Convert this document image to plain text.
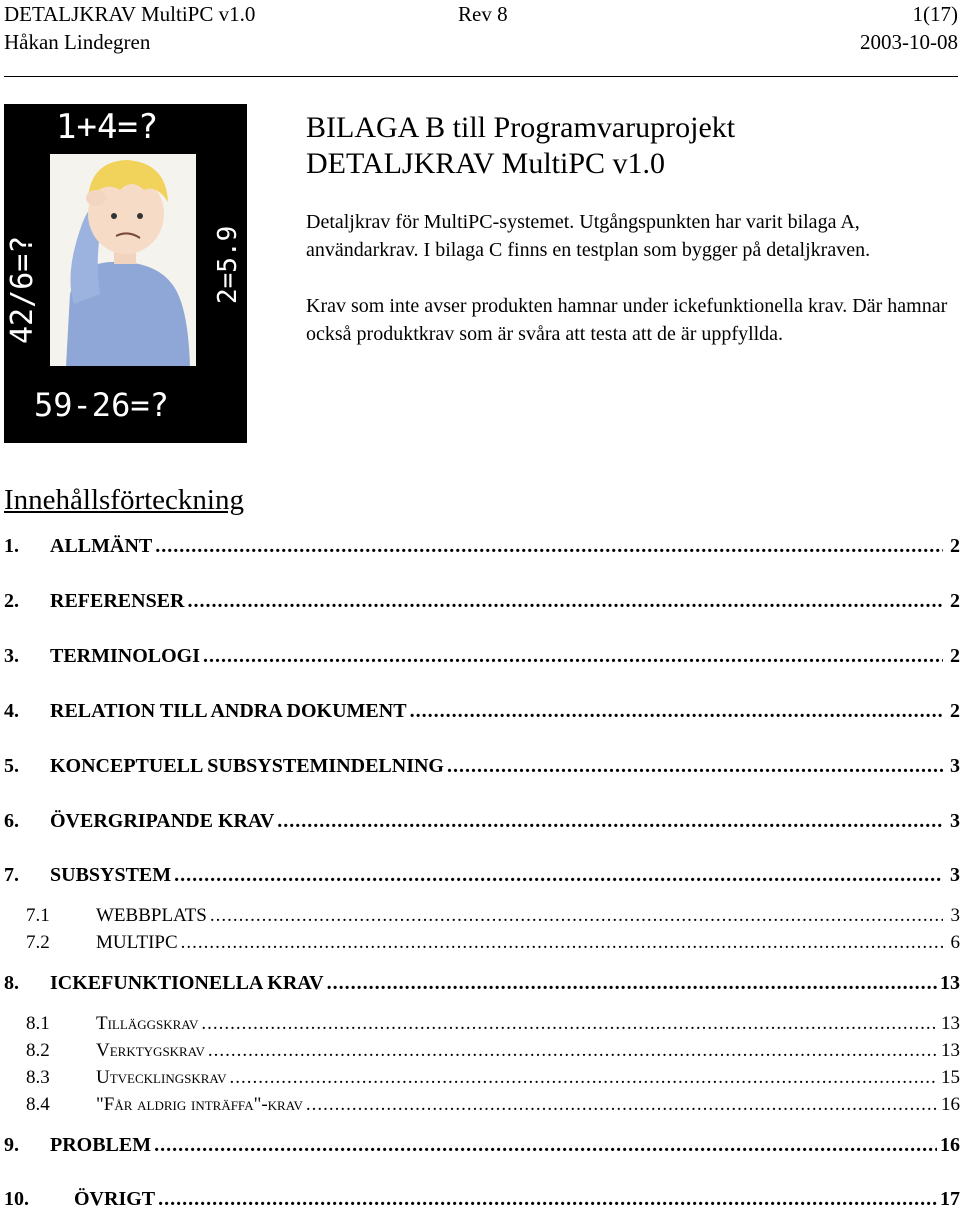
DETALJKRAV MultiPC v1.0	Rev 8	1(17)
Håkan Lindegren	2003-10-08
1+4=?
42/6=?	2=5.9
59-26=?
BILAGA B till Programvaruprojekt
DETALJKRAV MultiPC v1.0

Detaljkrav för MultiPC-systemet. Utgångspunkten har varit bilaga A, användarkrav. I bilaga C finns en testplan som bygger på detaljkraven.

Krav som inte avser produkten hamnar under ickefunktionella krav. Där hamnar också produktkrav som är svåra att testa att de är uppfyllda.

Innehållsförteckning
1.	ALLMÄNT .....	2
2.	REFERENSER .....	2
3.	TERMINOLOGI .....	2
4.	RELATION TILL ANDRA DOKUMENT .....	2
5.	KONCEPTUELL SUBSYSTEMINDELNING .....	3
6.	ÖVERGRIPANDE KRAV .....	3
7.	SUBSYSTEM .....	3
7.1	WEBBPLATS .....	3
7.2	MULTIPC .....	6
8.	ICKEFUNKTIONELLA KRAV .....	13
8.1	Tilläggskrav .....	13
8.2	Verktygskrav .....	13
8.3	Utvecklingskrav .....	15
8.4	"Får aldrig inträffa"-krav .....	16
9.	PROBLEM .....	16
10.	ÖVRIGT .....	17
